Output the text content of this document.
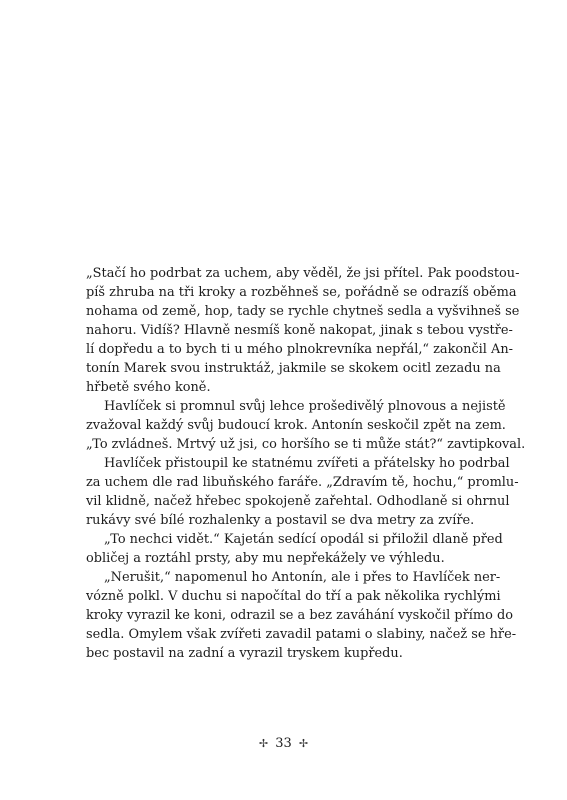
„Stačí ho podrbat za uchem, aby věděl, že jsi přítel. Pak poodstou-
píš zhruba na tři kroky a rozběhneš se, pořádně se odrazíš oběma
nohama od země, hop, tady se rychle chytneš sedla a vyšvihneš se
nahoru. Vidíš? Hlavně nesmíš koně nakopat, jinak s tebou vystře-
lí dopředu a to bych ti u mého plnokrevníka nepřál,“ zakončil An-
tonín Marek svou instruktáž, jakmile se skokem ocitl zezadu na
hřbetě svého koně.
Havlíček si promnul svůj lehce prošedivělý plnovous a nejistě
zvažoval každý svůj budoucí krok. Antonín seskočil zpět na zem.
„To zvládneš. Mrtvý už jsi, co horšího se ti může stát?“ zavtipkoval.
Havlíček přistoupil ke statnému zvířeti a přátelsky ho podrbal
za uchem dle rad libuňského faráře. „Zdravím tě, hochu,“ promlu-
vil klidně, načež hřebec spokojeně zařehtal. Odhodlaně si ohrnul
rukávy své bílé rozhalenky a postavil se dva metry za zvíře.
„To nechci vidět.“ Kajetán sedící opodál si přiložil dlaně před
obličej a roztáhl prsty, aby mu nepřekážely ve výhledu.
„Nerušit,“ napomenul ho Antonín, ale i přes to Havlíček ner-
vózně polkl. V duchu si napočítal do tří a pak několika rychlými
kroky vyrazil ke koni, odrazil se a bez zaváhání vyskočil přímo do
sedla. Omylem však zvířeti zavadil patami o slabiny, načež se hře-
bec postavil na zadní a vyrazil tryskem kupředu.
✢ 33 ✢
